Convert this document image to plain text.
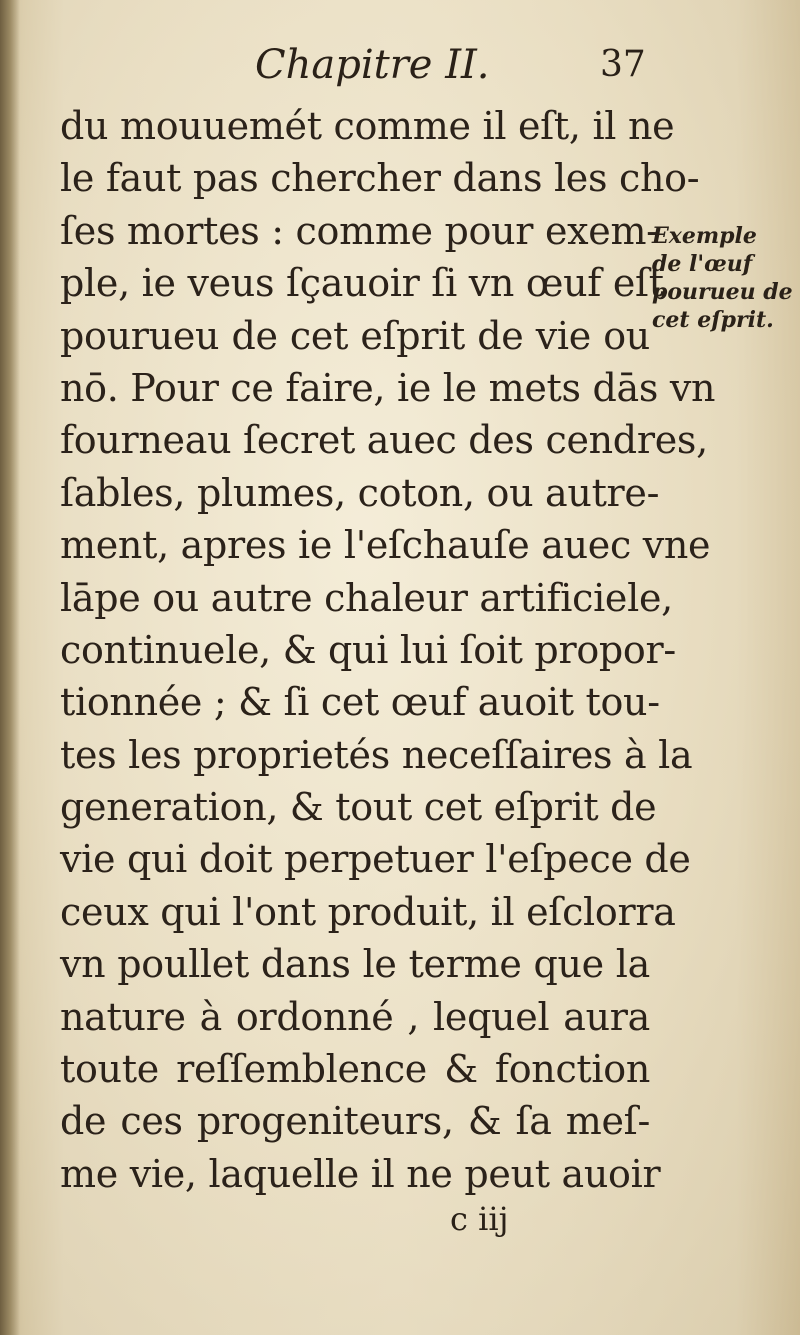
Chapitre II.	37
du mouuemét comme il eſt, il ne
le faut pas chercher dans les cho-
ſes mortes : comme pour exem-
ple, ie veus ſçauoir ſi vn œuf eſt
pourueu de cet eſprit de vie ou
nō. Pour ce faire, ie le mets dās vn
fourneau ſecret auec des cendres,
ſables, plumes, coton, ou autre-
ment, apres ie l'eſchauſe auec vne
lāpe ou autre chaleur artificiele,
continuele, & qui lui ſoit propor-
tionnée ; & ſi cet œuf auoit tou-
tes les proprietés neceſſaires à la
generation, & tout cet eſprit de
vie qui doit perpetuer l'eſpece de
ceux qui l'ont produit, il eſclorra
vn poullet dans le terme que la
nature à ordonné , lequel aura
toute reſſemblence & fonction
de ces progeniteurs, & ſa meſ-
me vie, laquelle il ne peut auoir
Exemple
de l'œuf
pourueu de
cet eſprit.
c iij
